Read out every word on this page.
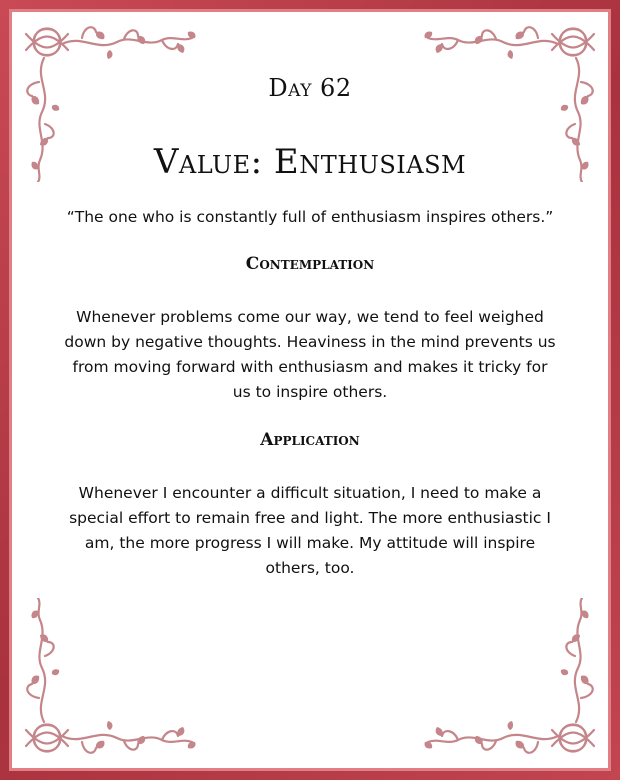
Day 62
Value: Enthusiasm
“The one who is constantly full of enthusiasm inspires others.”
Contemplation
Whenever problems come our way, we tend to feel weighed down by negative thoughts. Heaviness in the mind prevents us from moving forward with enthusiasm and makes it tricky for us to inspire others.
Application
Whenever I encounter a difficult situation, I need to make a special effort to remain free and light. The more enthusiastic I am, the more progress I will make. My attitude will inspire others, too.
